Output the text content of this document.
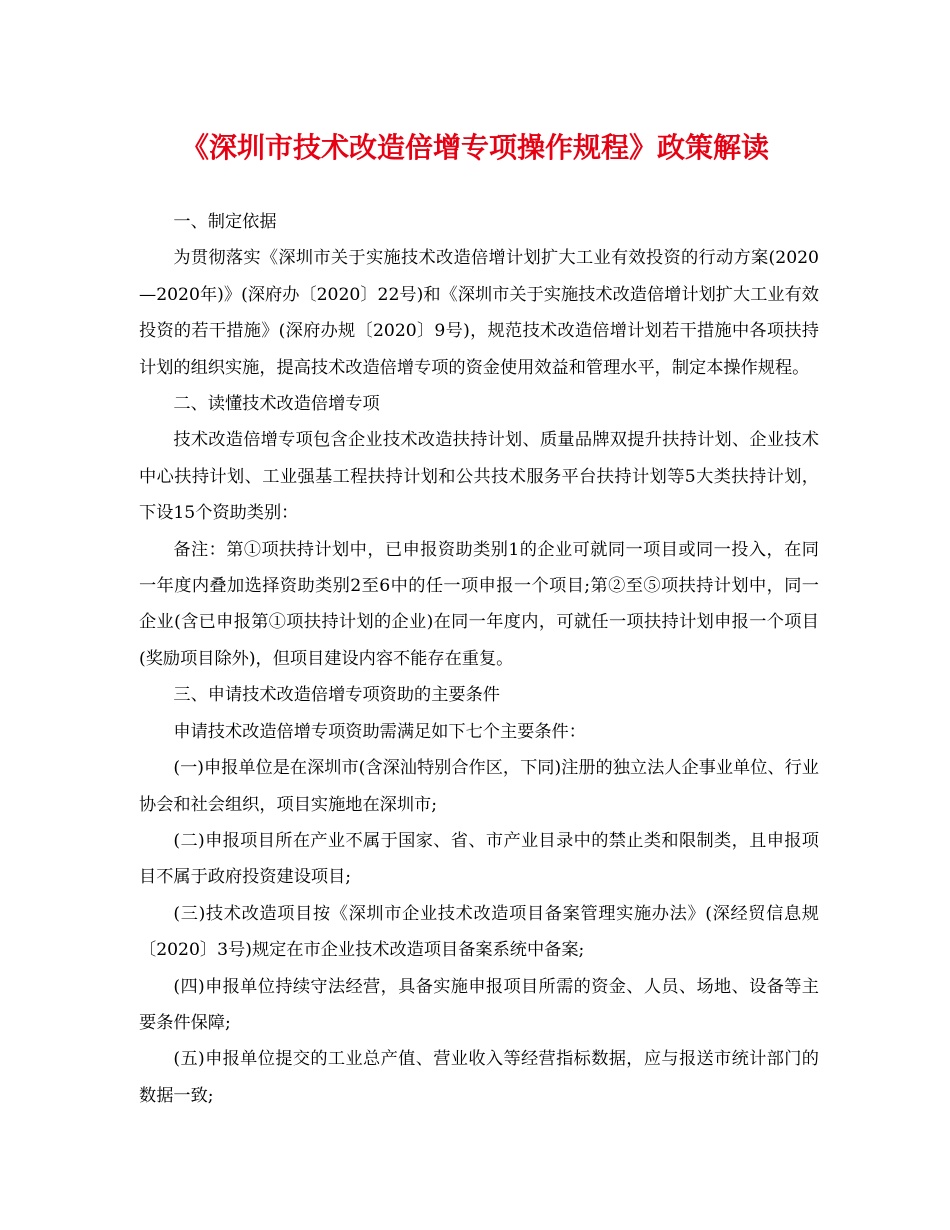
《深圳市技术改造倍增专项操作规程》政策解读

一、制定依据

为贯彻落实《深圳市关于实施技术改造倍增计划扩大工业有效投资的行动方案(2020—2020年)》(深府办〔2020〕22号)和《深圳市关于实施技术改造倍增计划扩大工业有效投资的若干措施》(深府办规〔2020〕9号)，规范技术改造倍增计划若干措施中各项扶持计划的组织实施，提高技术改造倍增专项的资金使用效益和管理水平，制定本操作规程。

二、读懂技术改造倍增专项

技术改造倍增专项包含企业技术改造扶持计划、质量品牌双提升扶持计划、企业技术中心扶持计划、工业强基工程扶持计划和公共技术服务平台扶持计划等5大类扶持计划，下设15个资助类别：

备注：第①项扶持计划中，已申报资助类别1的企业可就同一项目或同一投入，在同一年度内叠加选择资助类别2至6中的任一项申报一个项目;第②至⑤项扶持计划中，同一企业(含已申报第①项扶持计划的企业)在同一年度内，可就任一项扶持计划申报一个项目(奖励项目除外)，但项目建设内容不能存在重复。

三、申请技术改造倍增专项资助的主要条件

申请技术改造倍增专项资助需满足如下七个主要条件：

(一)申报单位是在深圳市(含深汕特别合作区，下同)注册的独立法人企事业单位、行业协会和社会组织，项目实施地在深圳市;

(二)申报项目所在产业不属于国家、省、市产业目录中的禁止类和限制类，且申报项目不属于政府投资建设项目;

(三)技术改造项目按《深圳市企业技术改造项目备案管理实施办法》(深经贸信息规〔2020〕3号)规定在市企业技术改造项目备案系统中备案;

(四)申报单位持续守法经营，具备实施申报项目所需的资金、人员、场地、设备等主要条件保障;

(五)申报单位提交的工业总产值、营业收入等经营指标数据，应与报送市统计部门的数据一致;
